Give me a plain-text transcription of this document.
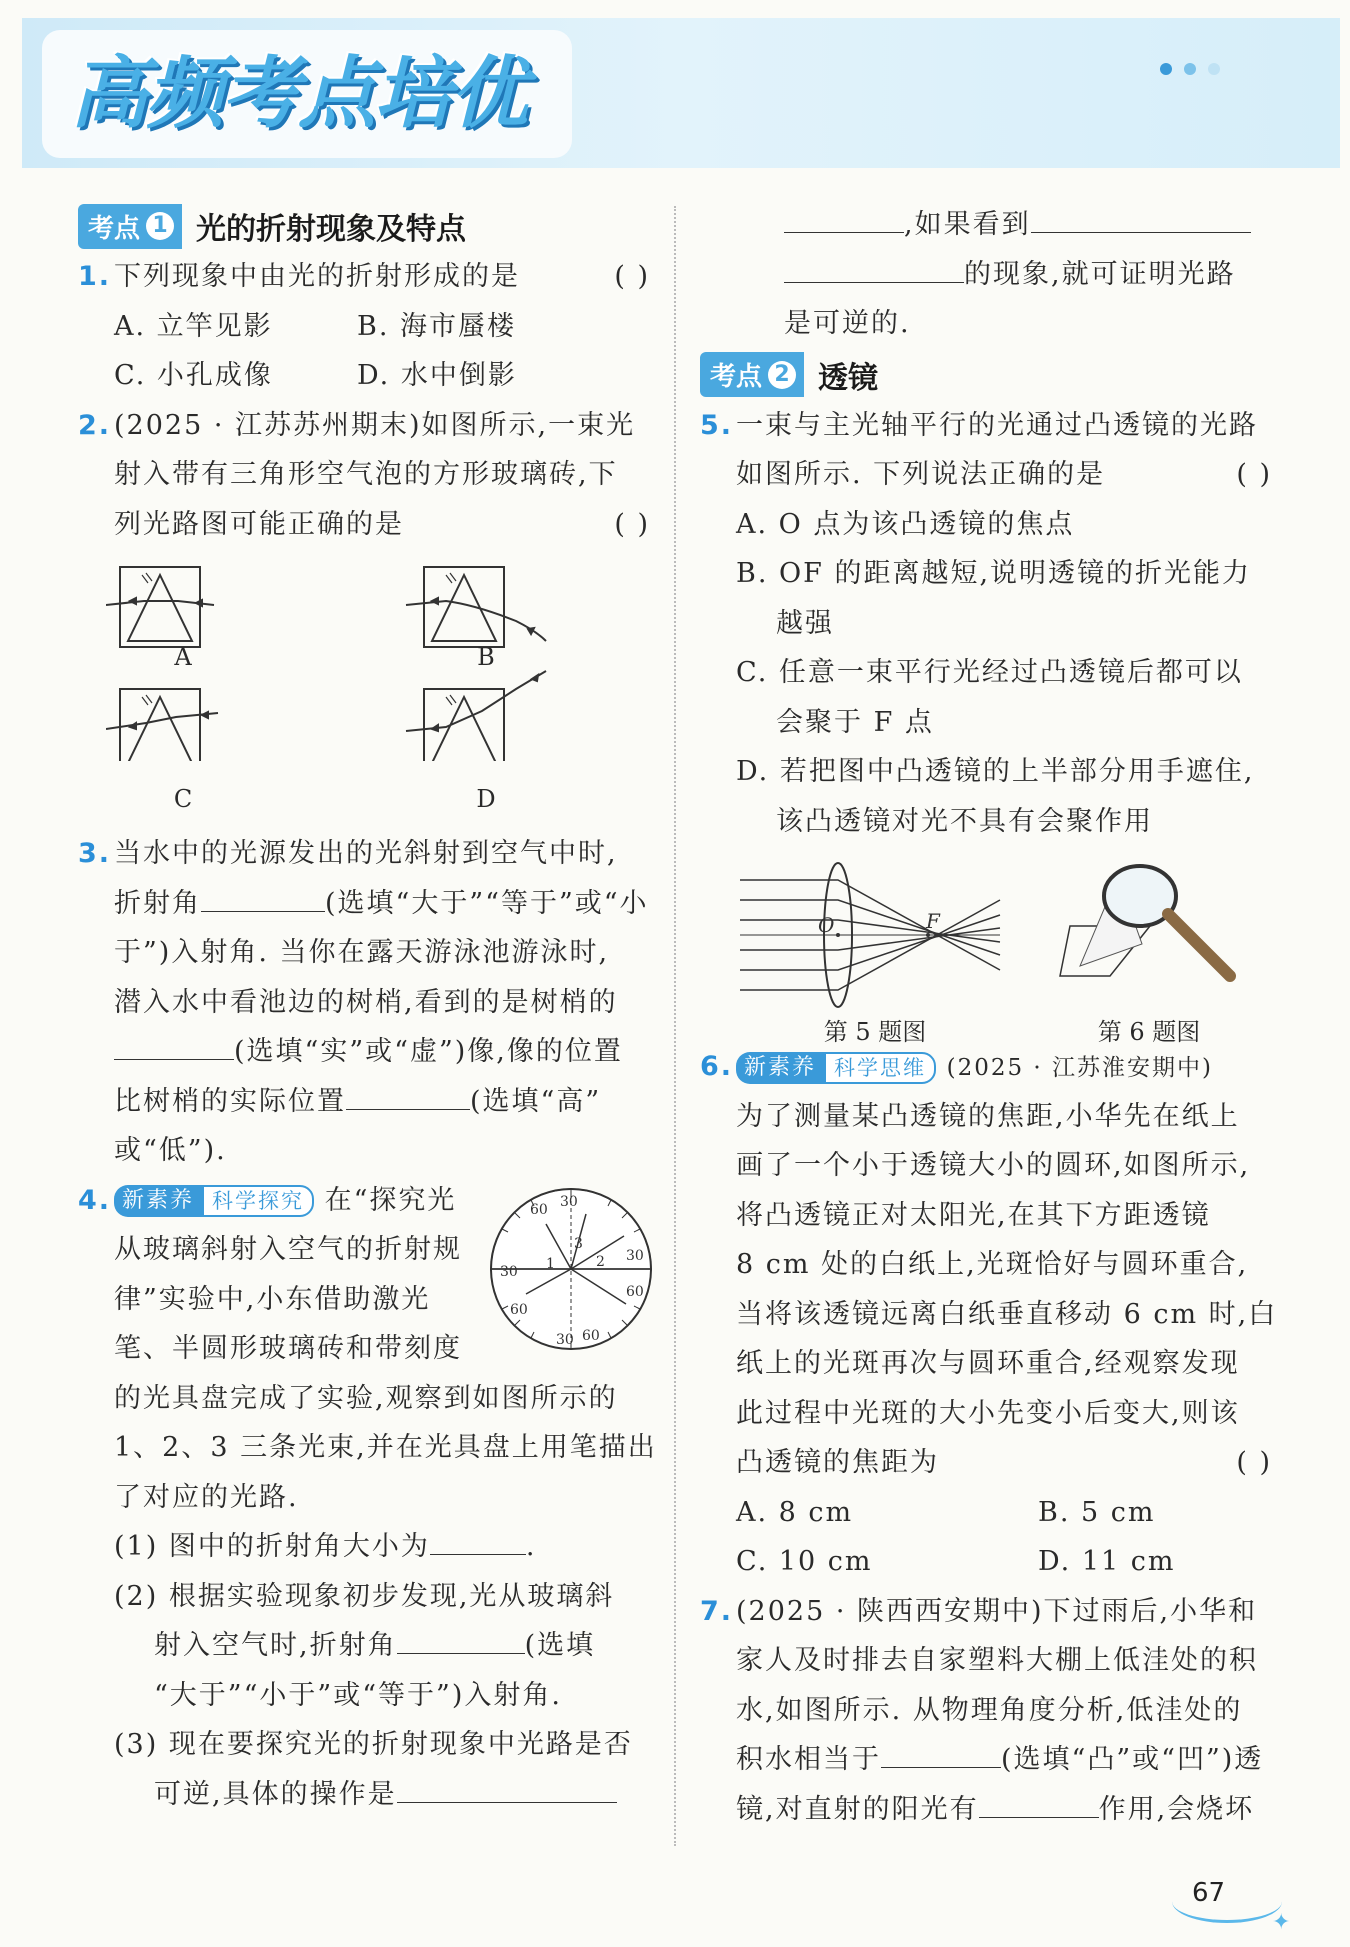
高频考点培优
考点 1 光的折射现象及特点
1. 下列现象中由光的折射形成的是	( )
A. 立竿见影	B. 海市蜃楼
C. 小孔成像	D. 水中倒影
2. (2025 · 江苏苏州期末)如图所示,一束光
射入带有三角形空气泡的方形玻璃砖,下
列光路图可能正确的是	( )
A	B
C	D
3. 当水中的光源发出的光斜射到空气中时,
折射角	(选填“大于”“等于”或“小
于”)入射角. 当你在露天游泳池游泳时,
潜入水中看池边的树梢,看到的是树梢的
(选填“实”或“虚”)像,像的位置
比树梢的实际位置	(选填“高”
或“低”).
4. 新素养 科学探究 在“探究光
从玻璃斜射入空气的折射规
律”实验中,小东借助激光
笔、半圆形玻璃砖和带刻度
30
60
30
60
30
60
60
30
1	2
3
的光具盘完成了实验,观察到如图所示的
1、2、3 三条光束,并在光具盘上用笔描出
了对应的光路.
(1) 图中的折射角大小为	.
(2) 根据实验现象初步发现,光从玻璃斜
射入空气时,折射角	(选填
“大于”“小于”或“等于”)入射角.
(3) 现在要探究光的折射现象中光路是否
可逆,具体的操作是
,如果看到
的现象,就可证明光路
是可逆的.
考点 2 透镜
5. 一束与主光轴平行的光通过凸透镜的光路
如图所示. 下列说法正确的是	( )
A. O 点为该凸透镜的焦点
B. OF 的距离越短,说明透镜的折光能力
越强
C. 任意一束平行光经过凸透镜后都可以
会聚于 F 点
D. 若把图中凸透镜的上半部分用手遮住,
该凸透镜对光不具有会聚作用
O	F
第 5 题图	第 6 题图
6. 新素养 科学思维 (2025 · 江苏淮安期中)
为了测量某凸透镜的焦距,小华先在纸上
画了一个小于透镜大小的圆环,如图所示,
将凸透镜正对太阳光,在其下方距透镜
8 cm 处的白纸上,光斑恰好与圆环重合,
当将该透镜远离白纸垂直移动 6 cm 时,白
纸上的光斑再次与圆环重合,经观察发现
此过程中光斑的大小先变小后变大,则该
凸透镜的焦距为	( )
A. 8 cm	B. 5 cm
C. 10 cm	D. 11 cm
7. (2025 · 陕西西安期中)下过雨后,小华和
家人及时排去自家塑料大棚上低洼处的积
水,如图所示. 从物理角度分析,低洼处的
积水相当于	(选填“凸”或“凹”)透
镜,对直射的阳光有	作用,会烧坏
67
✦
